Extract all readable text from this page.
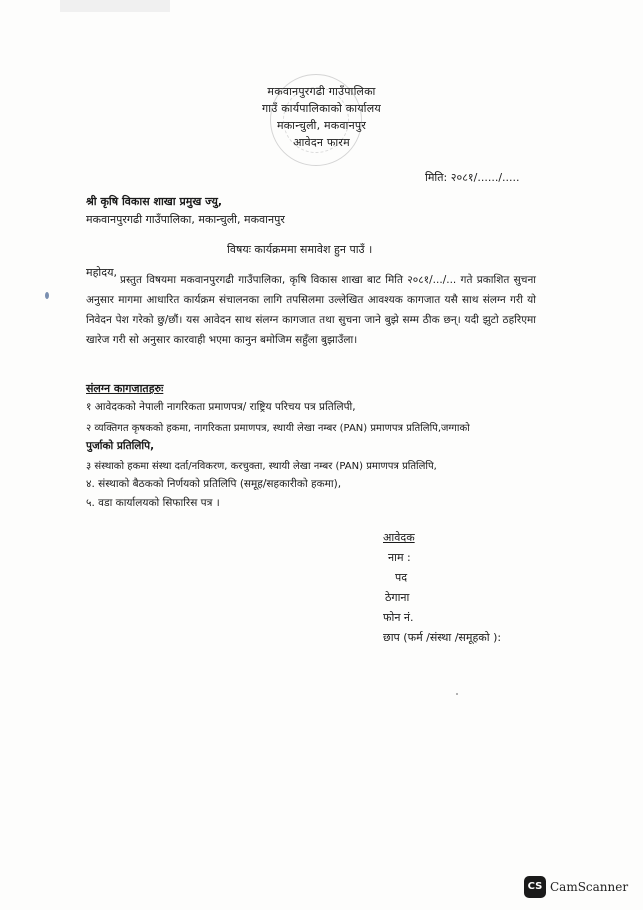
मकवानपुरगढी गाउँपालिका
गाउँ कार्यपालिकाको कार्यालय
मकान्चुली, मकवानपुर
आवेदन फारम
मिति: २०८१/....../.....
श्री कृषि विकास शाखा प्रमुख ज्यु,
मकवानपुरगढी गाउँपालिका, मकान्चुली, मकवानपुर
विषयः कार्यक्रममा समावेश हुन पाउँ ।
महोदय,
प्रस्तुत विषयमा मकवानपुरगढी गाउँपालिका, कृषि विकास शाखा बाट मिति २०८१/.../... गते प्रकाशित सुचना अनुसार मागमा आधारित कार्यक्रम संचालनका लागि तपसिलमा उल्लेखित आवश्यक कागजात यसै साथ संलग्न गरी यो निवेदन पेश गरेको छु/छौं। यस आवेदन साथ संलग्न कागजात तथा सुचना जाने बुझे सम्म ठीक छन्। यदी झुटो ठहरिएमा खारेज गरी सो अनुसार कारवाही भएमा कानुन बमोजिम सहुँला बुझाउँला।
संलग्न कागजातहरुः
१ आवेदकको नेपाली नागरिकता प्रमाणपत्र/ राष्ट्रिय परिचय पत्र प्रतिलिपी,
२ व्यक्तिगत कृषकको हकमा, नागरिकता प्रमाणपत्र, स्थायी लेखा नम्बर (PAN) प्रमाणपत्र प्रतिलिपि,जग्गाको
पुर्जाको प्रतिलिपि,
३ संस्थाको हकमा संस्था दर्ता/नविकरण, करचुक्ता, स्थायी लेखा नम्बर (PAN) प्रमाणपत्र प्रतिलिपि,
४. संस्थाको बैठकको निर्णयको प्रतिलिपि (समूह/सहकारीको हकमा),
५. वडा कार्यालयको सिफारिस पत्र ।
आवेदक
नाम :
पद
ठेगाना
फोन नं.
छाप (फर्म /संस्था /समूहको ):
CS CamScanner
